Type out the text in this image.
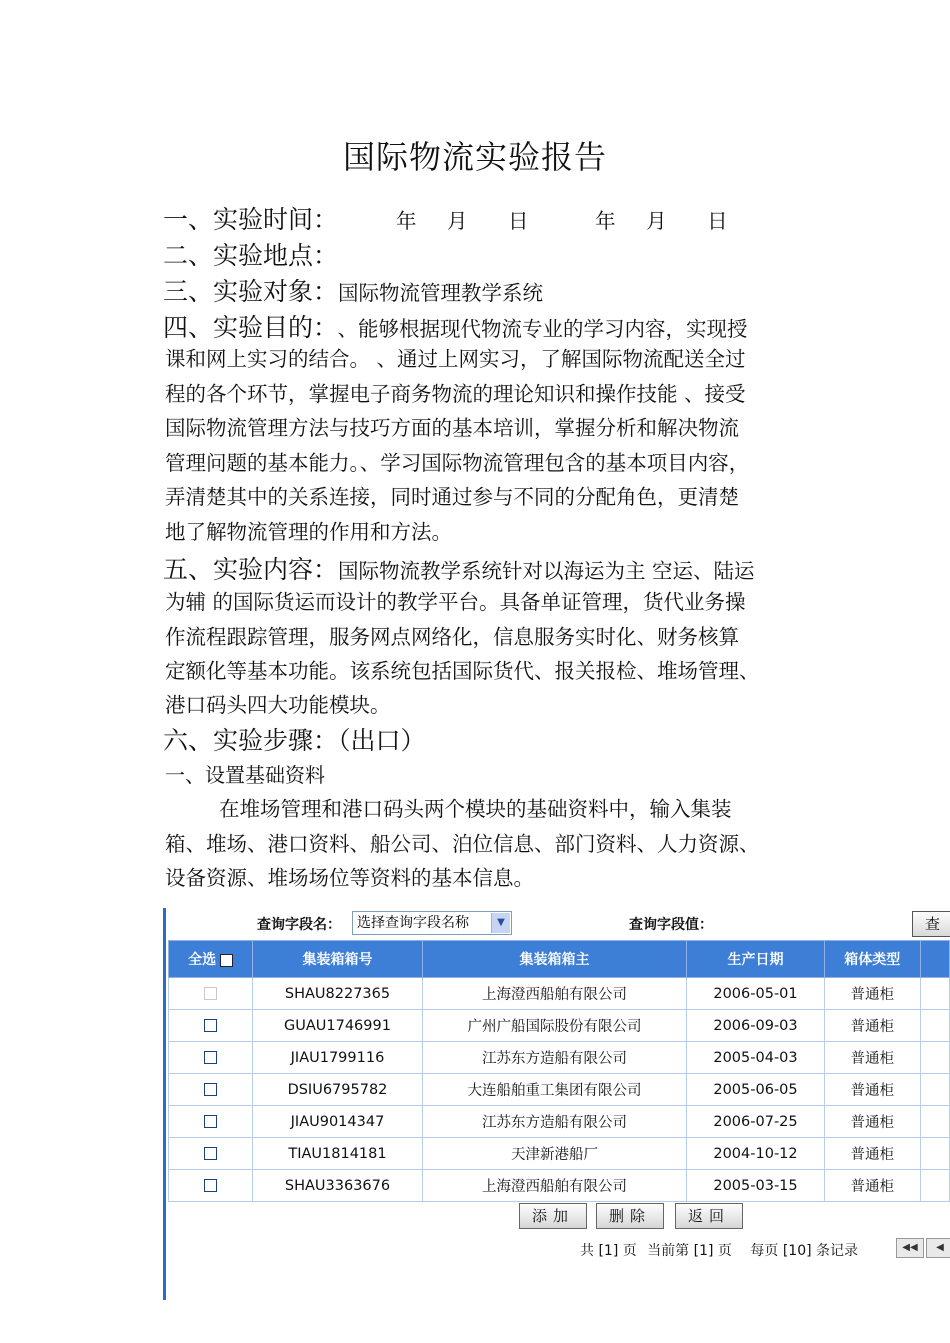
国际物流实验报告
一、实验时间：	年 月 日	年 月 日
二、实验地点：
三、实验对象：国际物流管理教学系统
四、实验目的： 、能够根据现代物流专业的学习内容，实现授
课和网上实习的结合。 、通过上网实习，了解国际物流配送全过
程的各个环节，掌握电子商务物流的理论知识和操作技能 、接受
国际物流管理方法与技巧方面的基本培训，掌握分析和解决物流
管理问题的基本能力。、学习国际物流管理包含的基本项目内容，
弄清楚其中的关系连接，同时通过参与不同的分配角色，更清楚
地了解物流管理的作用和方法。
五、实验内容：国际物流教学系统针对以海运为主 空运、陆运
为辅 的国际货运而设计的教学平台。具备单证管理，货代业务操
作流程跟踪管理，服务网点网络化，信息服务实时化、财务核算
定额化等基本功能。该系统包括国际货代、报关报检、堆场管理、
港口码头四大功能模块。
六、实验步骤：（出口）
一、设置基础资料
在堆场管理和港口码头两个模块的基础资料中，输入集装
箱、堆场、港口资料、船公司、泊位信息、部门资料、人力资源、
设备资源、堆场场位等资料的基本信息。
查询字段名：	选择查询字段名称	▼	查询字段值：	查
全选	集装箱箱号	集装箱箱主	生产日期	箱体类型	
	SHAU8227365	上海澄西船舶有限公司	2006-05-01	普通柜	
	GUAU1746991	广州广船国际股份有限公司	2006-09-03	普通柜	
	JIAU1799116	江苏东方造船有限公司	2005-04-03	普通柜	
	DSIU6795782	大连船舶重工集团有限公司	2005-06-05	普通柜	
	JIAU9014347	江苏东方造船有限公司	2006-07-25	普通柜	
	TIAU1814181	天津新港船厂	2004-10-12	普通柜	
	SHAU3363676	上海澄西船舶有限公司	2005-03-15	普通柜	
添加	删除	返回
共 [1] 页 当前第 [1] 页 每页 [10] 条记录	◀◀	◀
